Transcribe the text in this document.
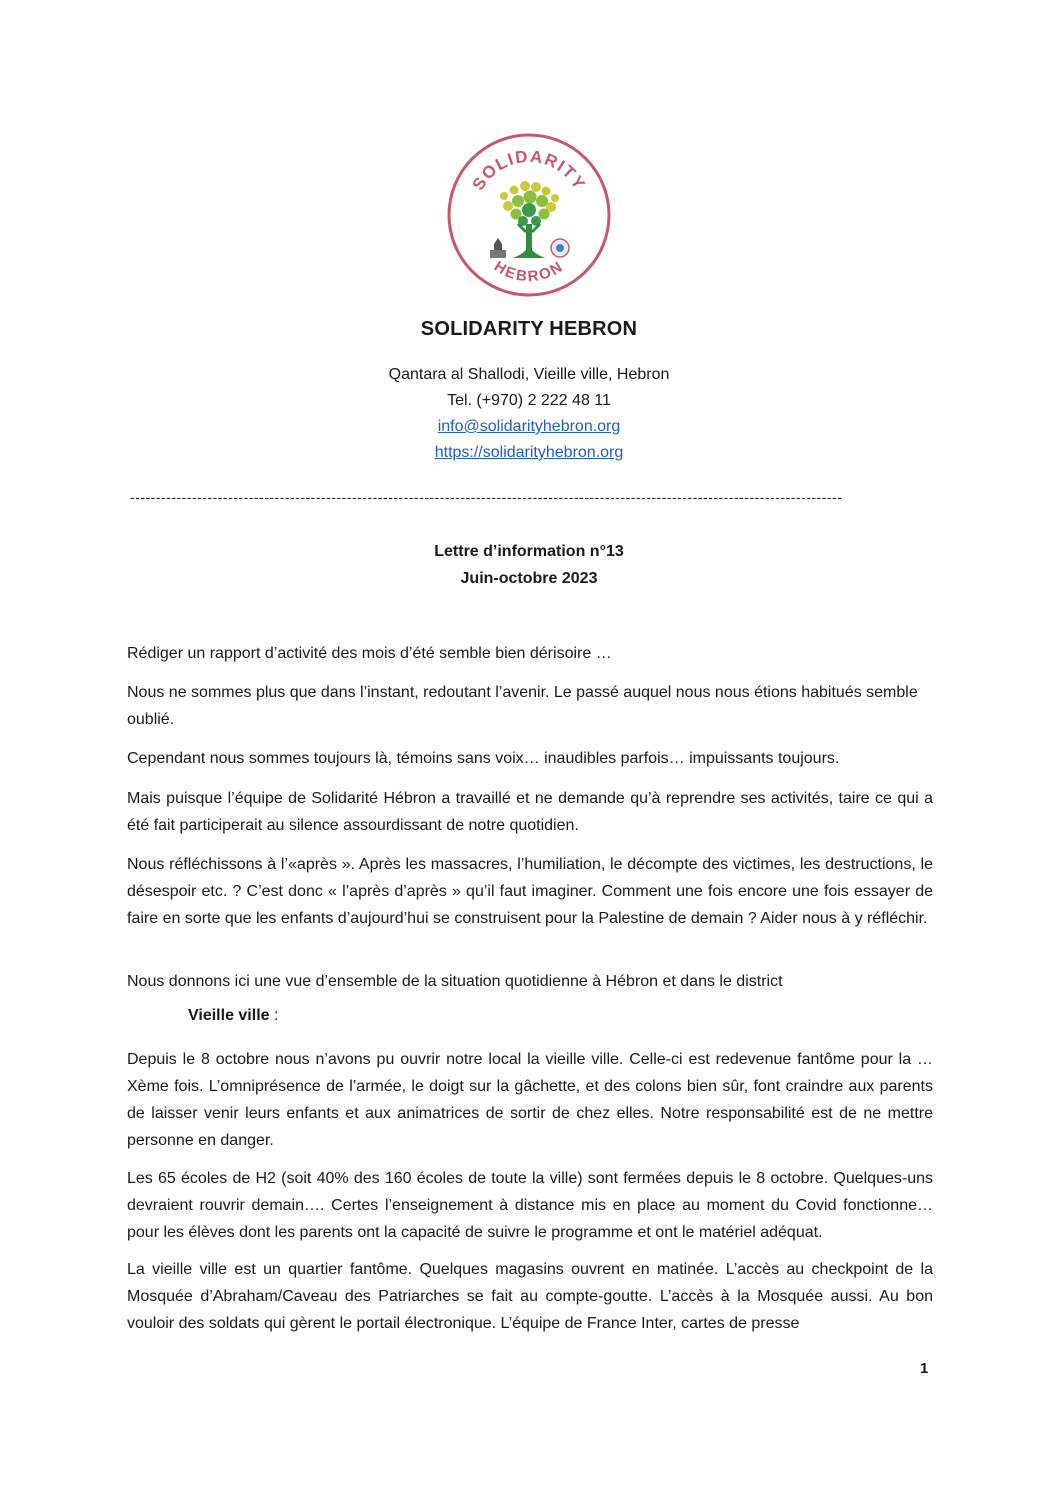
SOLIDARITY
HEBRON
SOLIDARITY HEBRON
Qantara al Shallodi, Vieille ville, Hebron
Tel. (+970) 2 222 48 11
info@solidarityhebron.org
https://solidarityhebron.org
------------------------------------------------------------------------------------------------------------------------------------------
Lettre d’information n°13
Juin-octobre 2023
Rédiger un rapport d’activité des mois d’été semble bien dérisoire …
Nous ne sommes plus que dans l’instant, redoutant l’avenir. Le passé auquel nous nous étions habitués semble oublié.
Cependant nous sommes toujours là, témoins sans voix… inaudibles parfois… impuissants toujours.
Mais puisque l’équipe de Solidarité Hébron a travaillé et ne demande qu’à reprendre ses activités, taire ce qui a été fait participerait au silence assourdissant de notre quotidien.
Nous réfléchissons à l’«après ». Après les massacres, l’humiliation, le décompte des victimes, les destructions, le désespoir etc. ? C’est donc « l’après d’après » qu’il faut imaginer. Comment une fois encore une fois essayer de faire en sorte que les enfants d’aujourd’hui se construisent pour la Palestine de demain ? Aider nous à y réfléchir.
Nous donnons ici une vue d’ensemble de la situation quotidienne à Hébron et dans le district
Vieille ville :
Depuis le 8 octobre nous n’avons pu ouvrir notre local la vieille ville. Celle-ci est redevenue fantôme pour la …Xème fois. L’omniprésence de l’armée, le doigt sur la gâchette, et des colons bien sûr, font craindre aux parents de laisser venir leurs enfants et aux animatrices de sortir de chez elles. Notre responsabilité est de ne mettre personne en danger.
Les 65 écoles de H2 (soit 40% des 160 écoles de toute la ville) sont fermées depuis le 8 octobre. Quelques-uns devraient rouvrir demain…. Certes l’enseignement à distance mis en place au moment du Covid fonctionne…pour les élèves dont les parents ont la capacité de suivre le programme et ont le matériel adéquat.
La vieille ville est un quartier fantôme. Quelques magasins ouvrent en matinée. L’accès au checkpoint de la Mosquée d’Abraham/Caveau des Patriarches se fait au compte-goutte. L’accès à la Mosquée aussi. Au bon vouloir des soldats qui gèrent le portail électronique. L’équipe de France Inter, cartes de presse
1
